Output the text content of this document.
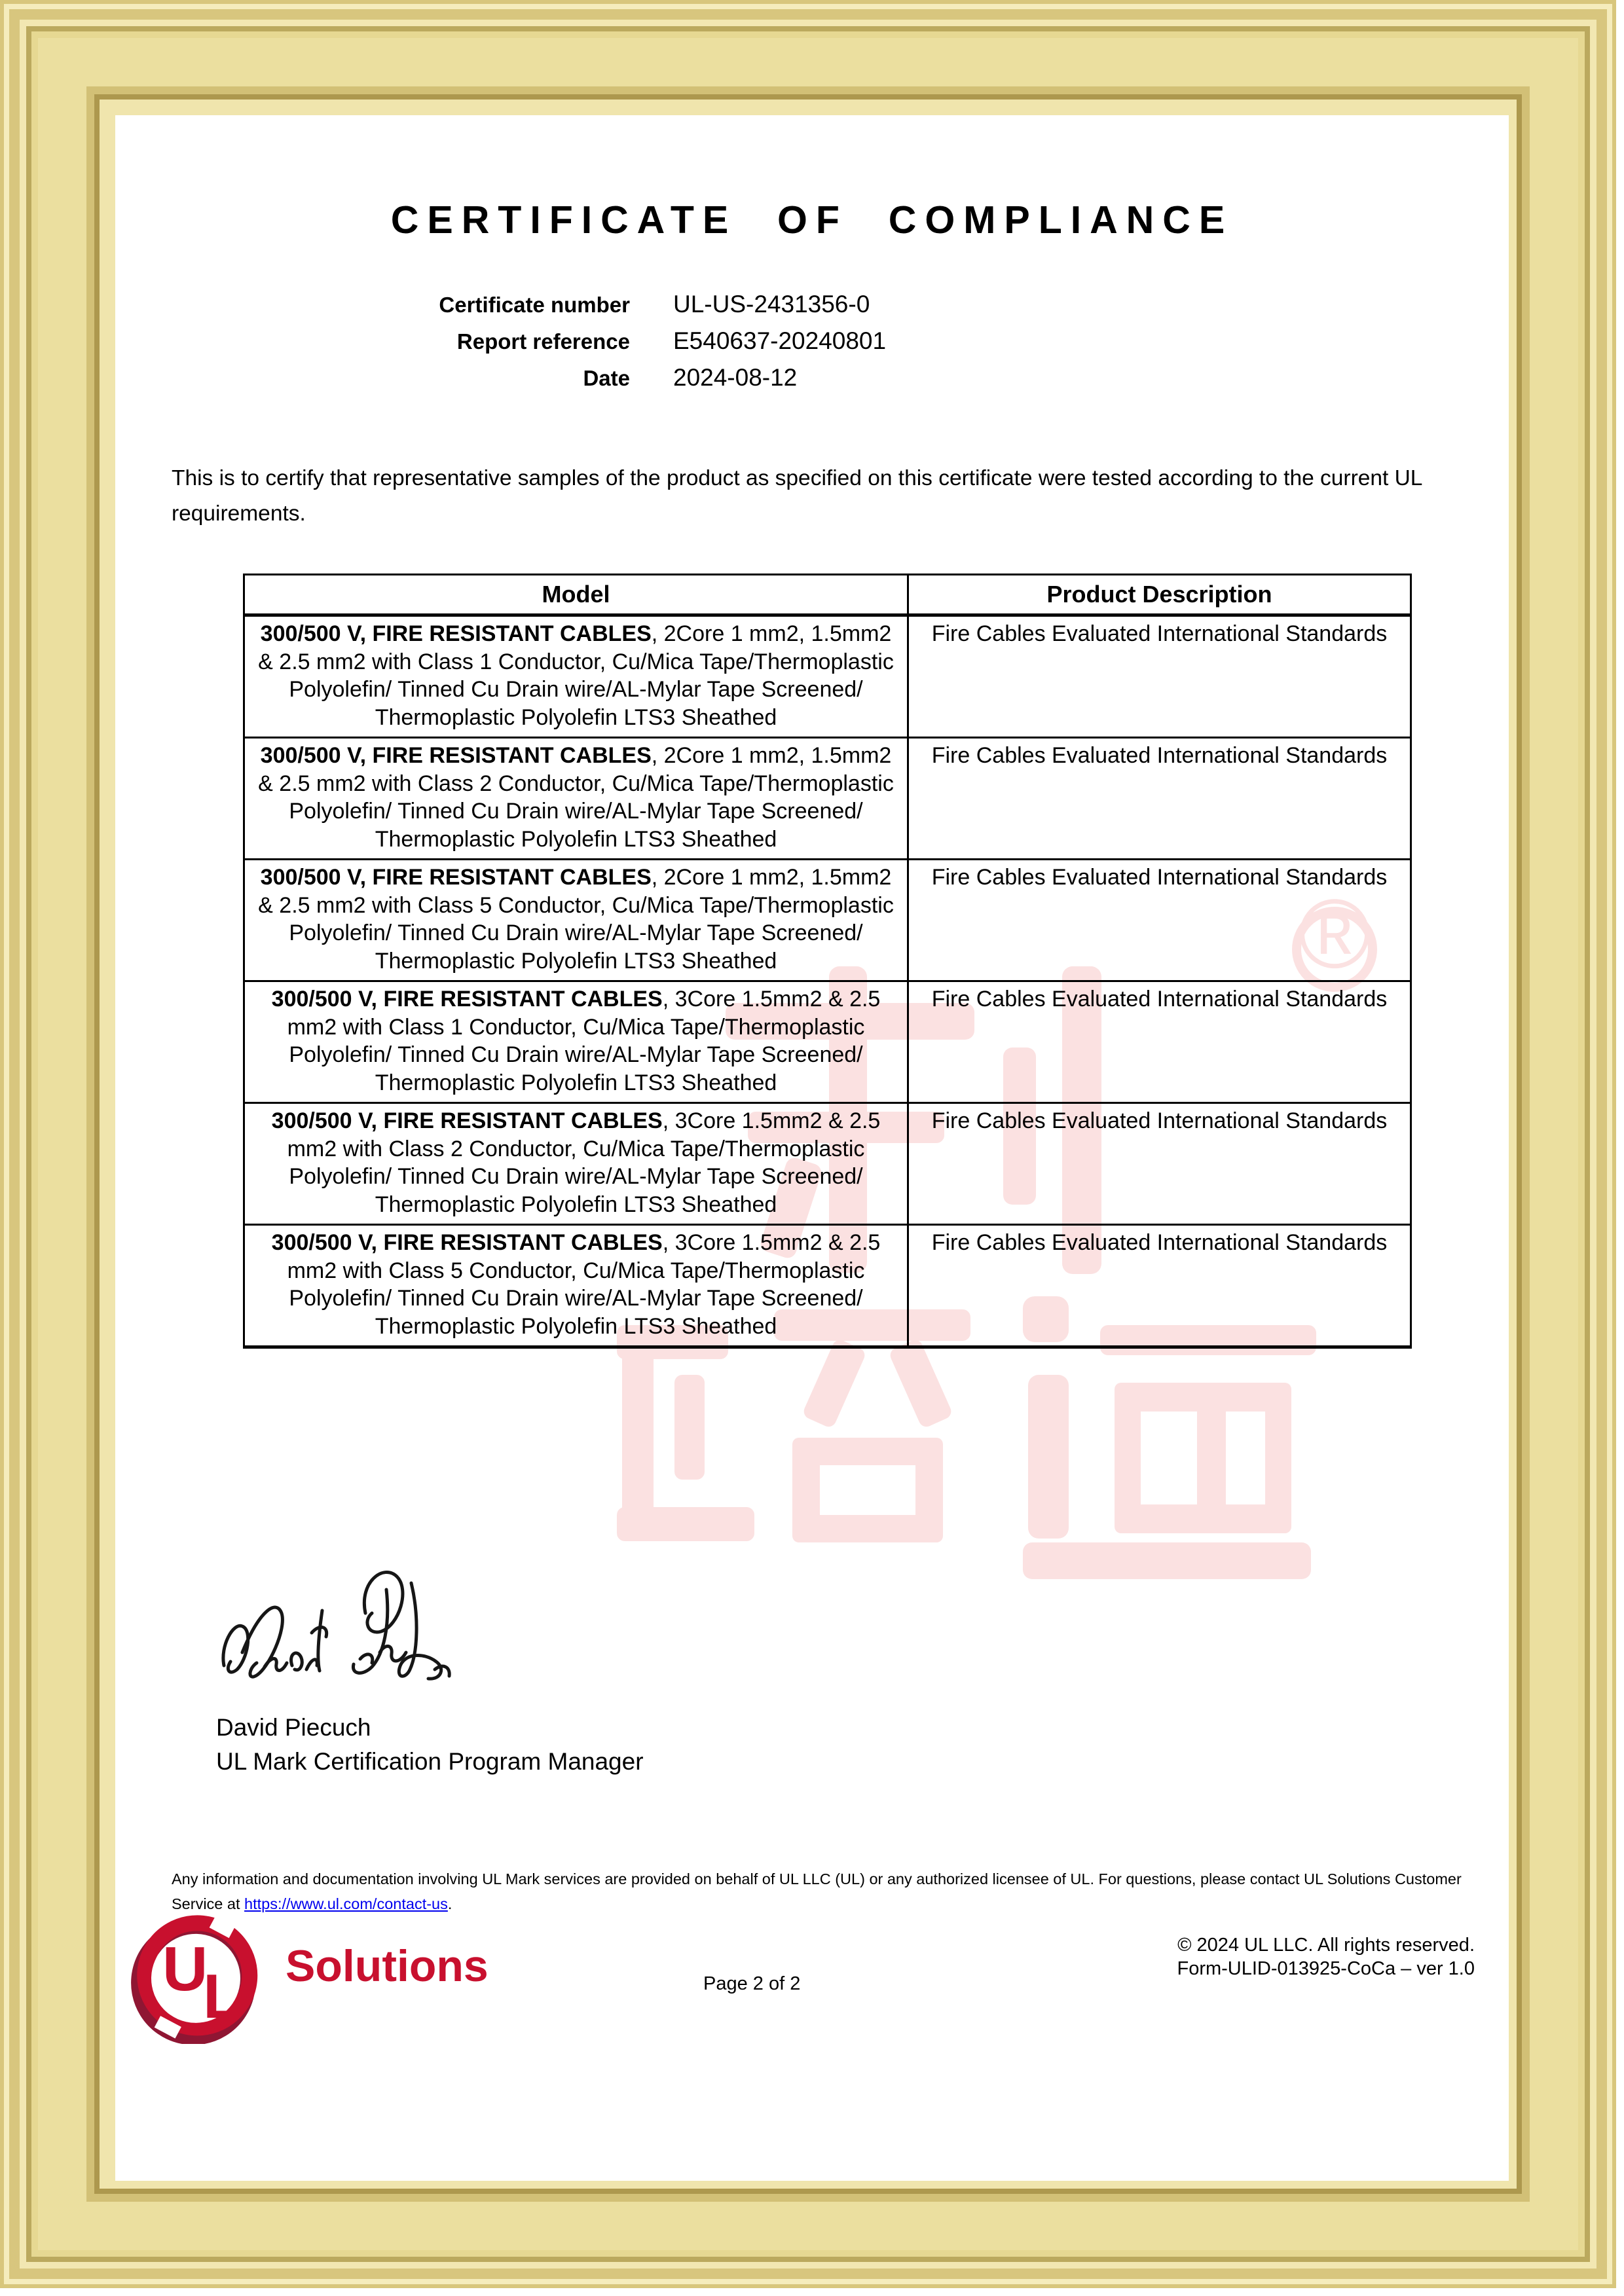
®
CERTIFICATE OF COMPLIANCE
Certificate number UL-US-2431356-0
Report reference E540637-20240801
Date 2024-08-12
This is to certify that representative samples of the product as specified on this certificate were tested according to the current UL requirements.
Model	Product Description
300/500 V, FIRE RESISTANT CABLES, 2Core 1 mm2, 1.5mm2 & 2.5 mm2 with Class 1 Conductor, Cu/Mica Tape/Thermoplastic Polyolefin/ Tinned Cu Drain wire/AL-Mylar Tape Screened/ Thermoplastic Polyolefin LTS3 Sheathed	Fire Cables Evaluated International Standards
300/500 V, FIRE RESISTANT CABLES, 2Core 1 mm2, 1.5mm2 & 2.5 mm2 with Class 2 Conductor, Cu/Mica Tape/Thermoplastic Polyolefin/ Tinned Cu Drain wire/AL-Mylar Tape Screened/ Thermoplastic Polyolefin LTS3 Sheathed	Fire Cables Evaluated International Standards
300/500 V, FIRE RESISTANT CABLES, 2Core 1 mm2, 1.5mm2 & 2.5 mm2 with Class 5 Conductor, Cu/Mica Tape/Thermoplastic Polyolefin/ Tinned Cu Drain wire/AL-Mylar Tape Screened/ Thermoplastic Polyolefin LTS3 Sheathed	Fire Cables Evaluated International Standards
300/500 V, FIRE RESISTANT CABLES, 3Core 1.5mm2 & 2.5 mm2 with Class 1 Conductor, Cu/Mica Tape/Thermoplastic Polyolefin/ Tinned Cu Drain wire/AL-Mylar Tape Screened/ Thermoplastic Polyolefin LTS3 Sheathed	Fire Cables Evaluated International Standards
300/500 V, FIRE RESISTANT CABLES, 3Core 1.5mm2 & 2.5 mm2 with Class 2 Conductor, Cu/Mica Tape/Thermoplastic Polyolefin/ Tinned Cu Drain wire/AL-Mylar Tape Screened/ Thermoplastic Polyolefin LTS3 Sheathed	Fire Cables Evaluated International Standards
300/500 V, FIRE RESISTANT CABLES, 3Core 1.5mm2 & 2.5 mm2 with Class 5 Conductor, Cu/Mica Tape/Thermoplastic Polyolefin/ Tinned Cu Drain wire/AL-Mylar Tape Screened/ Thermoplastic Polyolefin LTS3 Sheathed	Fire Cables Evaluated International Standards
David Piecuch
UL Mark Certification Program Manager
Any information and documentation involving UL Mark services are provided on behalf of UL LLC (UL) or any authorized licensee of UL. For questions, please contact UL Solutions Customer Service at https://www.ul.com/contact-us.
U
L Solutions	Page 2 of 2
© 2024 UL LLC. All rights reserved.
Form-ULID-013925-CoCa – ver 1.0
